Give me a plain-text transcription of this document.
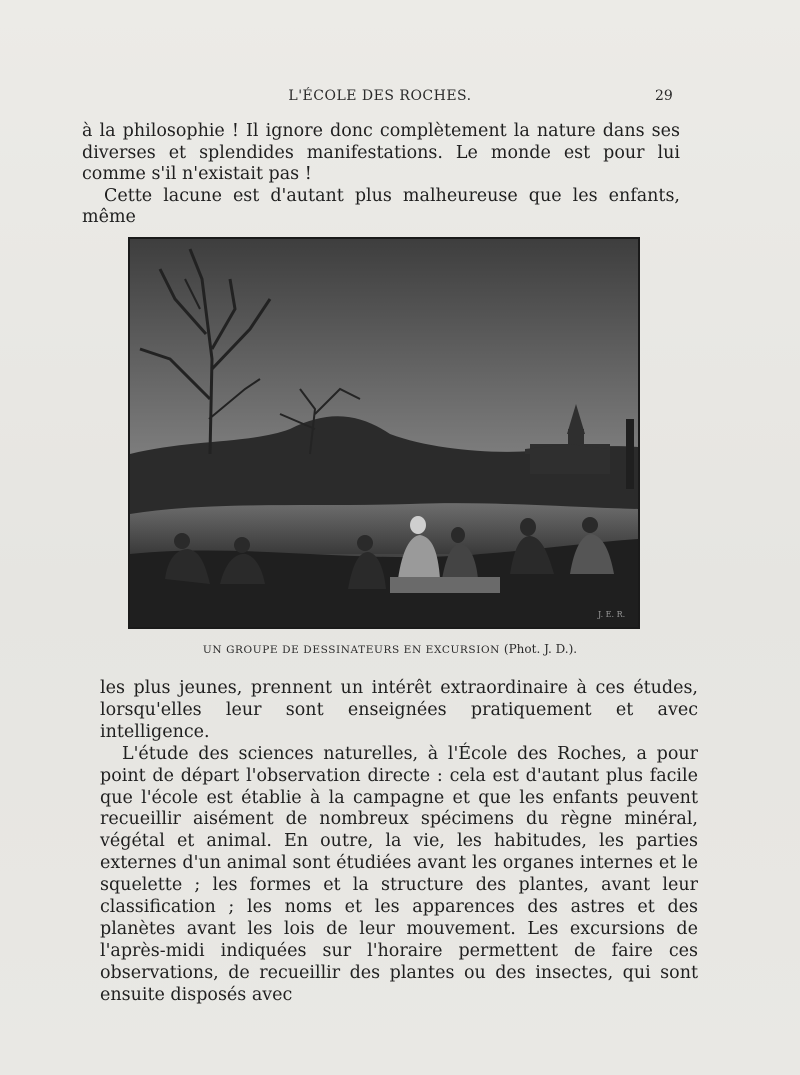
L'ÉCOLE DES ROCHES.	29

à la philosophie ! Il ignore donc complètement la nature dans ses diverses et splendides manifestations. Le monde est pour lui comme s'il n'existait pas !

Cette lacune est d'autant plus malheureuse que les enfants, même

J. E. R.
UN GROUPE DE DESSINATEURS EN EXCURSION (Phot. J. D.).

les plus jeunes, prennent un intérêt extraordinaire à ces études, lorsqu'elles leur sont enseignées pratiquement et avec intelligence.

L'étude des sciences naturelles, à l'École des Roches, a pour point de départ l'observation directe : cela est d'autant plus facile que l'école est établie à la campagne et que les enfants peuvent recueillir aisément de nombreux spécimens du règne minéral, végétal et animal. En outre, la vie, les habitudes, les parties externes d'un animal sont étudiées avant les organes internes et le squelette ; les formes et la structure des plantes, avant leur classification ; les noms et les apparences des astres et des planètes avant les lois de leur mouvement. Les excursions de l'après-midi indiquées sur l'horaire permettent de faire ces observations, de recueillir des plantes ou des insectes, qui sont ensuite disposés avec
